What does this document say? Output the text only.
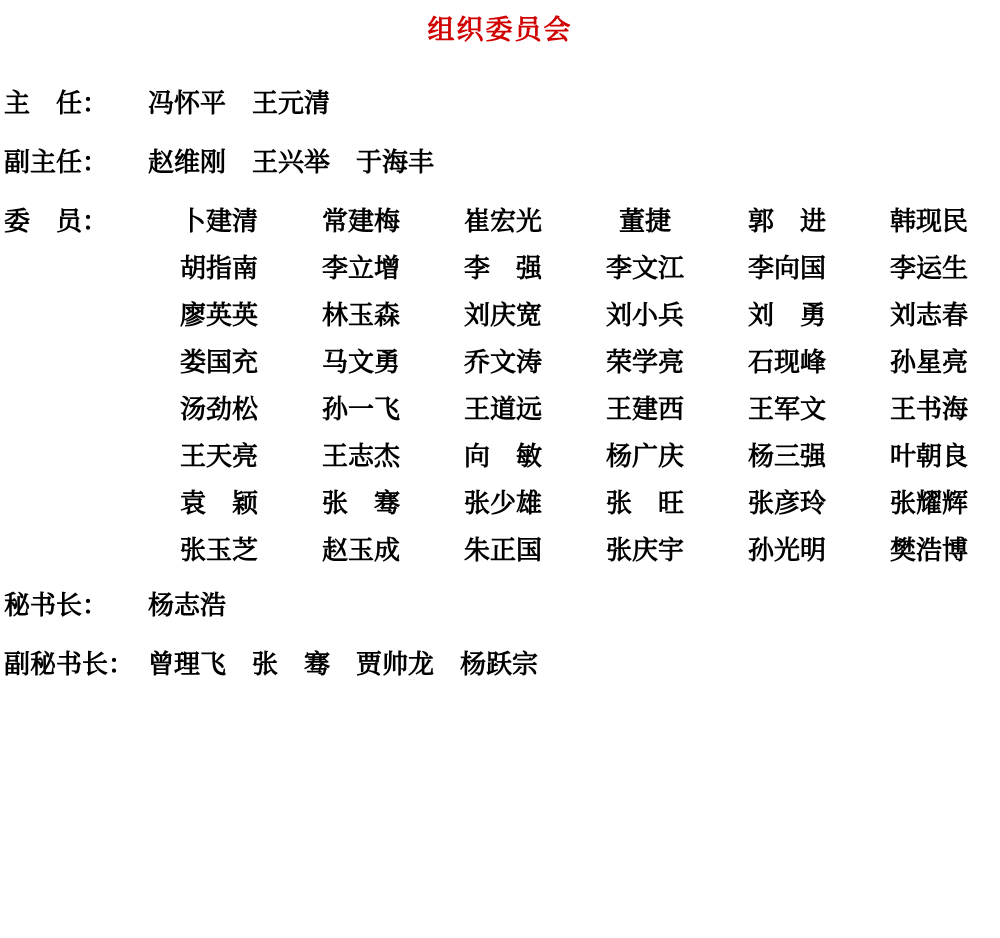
组织委员会
主　任：	冯怀平 王元清
副主任：	赵维刚 王兴举 于海丰
委　员：	卜建清	常建梅	崔宏光	董捷	郭　进	韩现民
胡指南	李立增	李　强	李文江	李向国	李运生
廖英英	林玉森	刘庆宽	刘小兵	刘　勇	刘志春
娄国充	马文勇	乔文涛	荣学亮	石现峰	孙星亮
汤劲松	孙一飞	王道远	王建西	王军文	王书海
王天亮	王志杰	向　敏	杨广庆	杨三强	叶朝良
袁　颖	张　骞	张少雄	张　旺	张彦玲	张耀辉
张玉芝	赵玉成	朱正国	张庆宇	孙光明	樊浩博
秘书长：	杨志浩
副秘书长： 曾理飞 张　骞 贾帅龙 杨跃宗
